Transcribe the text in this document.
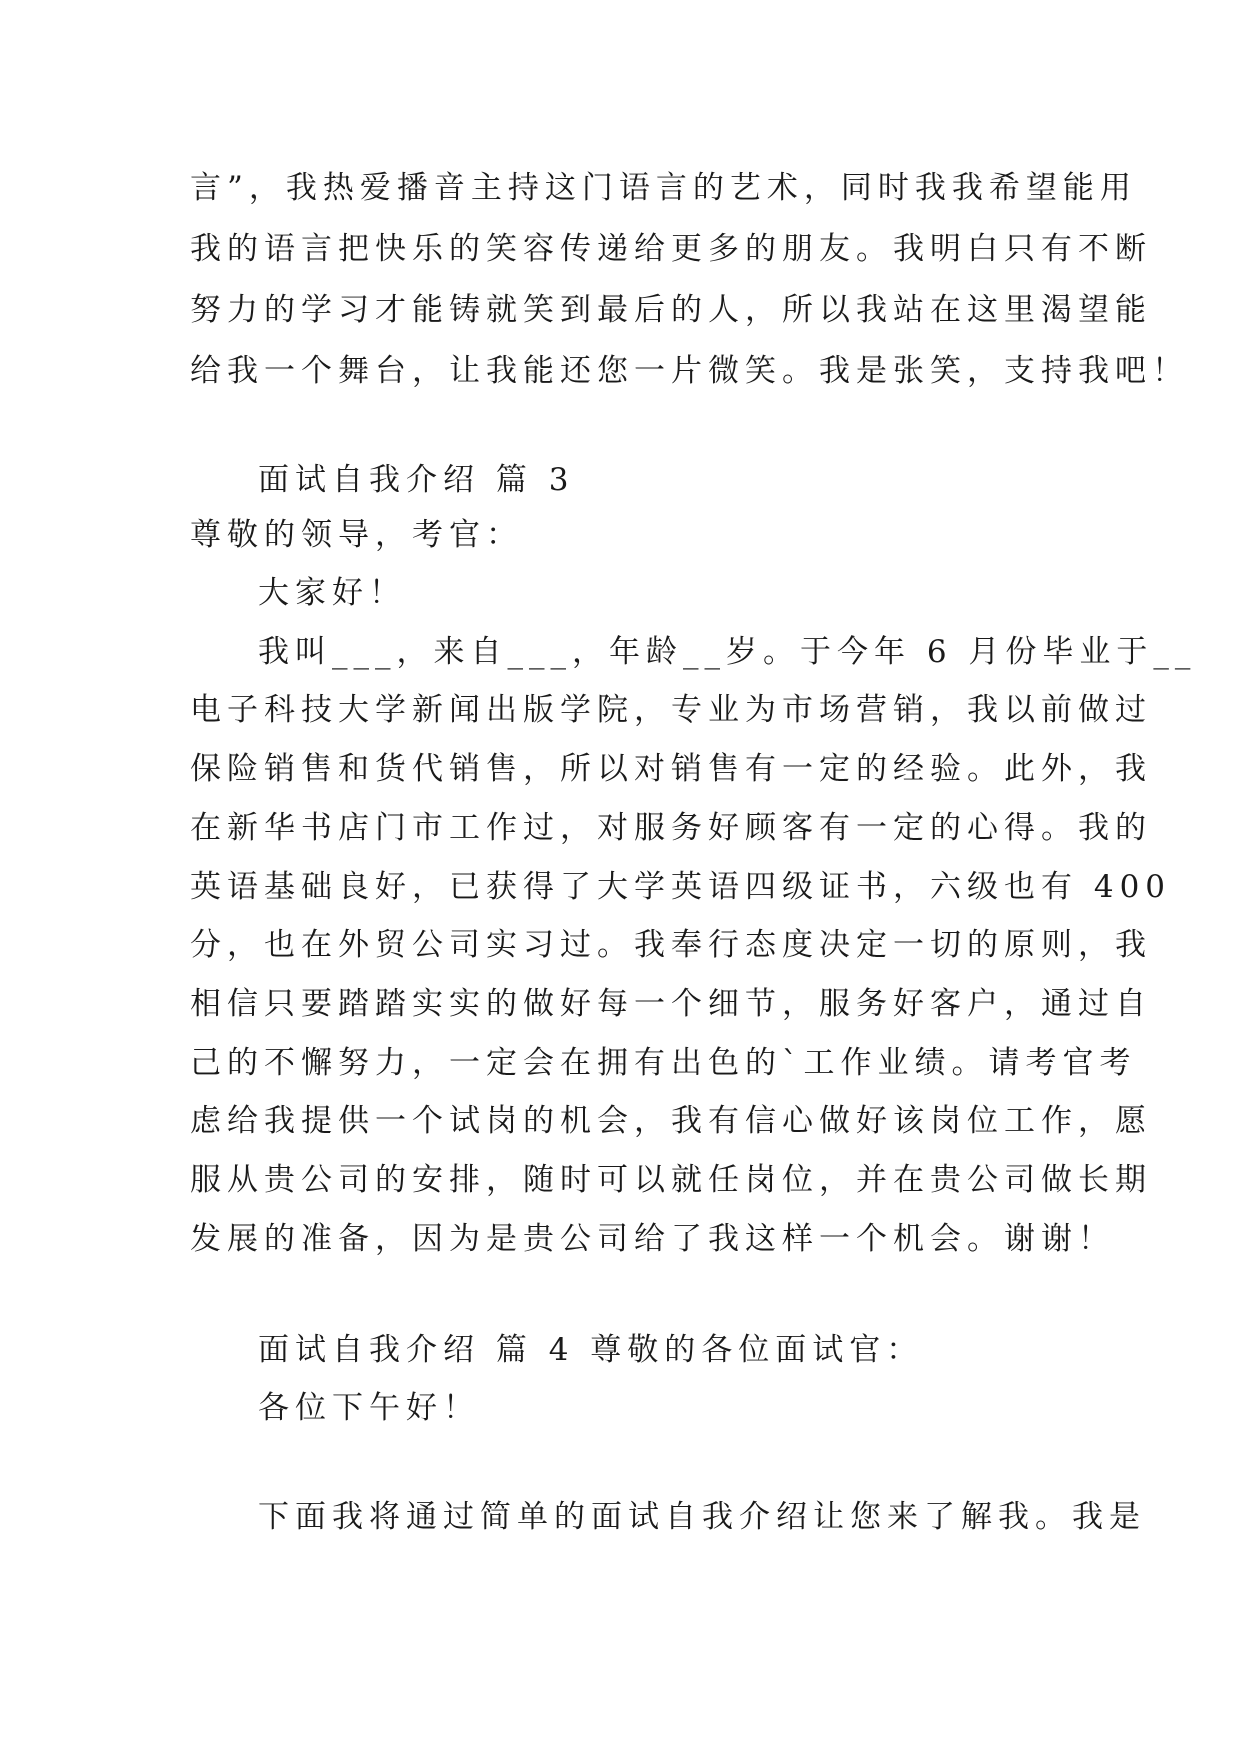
言”，我热爱播音主持这门语言的艺术，同时我我希望能用
我的语言把快乐的笑容传递给更多的朋友。我明白只有不断
努力的学习才能铸就笑到最后的人，所以我站在这里渴望能
给我一个舞台，让我能还您一片微笑。我是张笑，支持我吧！
面试自我介绍 篇 3
尊敬的领导，考官：
大家好！
我叫___，来自___，年龄__岁。于今年 6 月份毕业于__
电子科技大学新闻出版学院，专业为市场营销，我以前做过
保险销售和货代销售，所以对销售有一定的经验。此外，我
在新华书店门市工作过，对服务好顾客有一定的心得。我的
英语基础良好，已获得了大学英语四级证书，六级也有 400
分，也在外贸公司实习过。我奉行态度决定一切的原则，我
相信只要踏踏实实的做好每一个细节，服务好客户，通过自
己的不懈努力，一定会在拥有出色的`工作业绩。请考官考
虑给我提供一个试岗的机会，我有信心做好该岗位工作，愿
服从贵公司的安排，随时可以就任岗位，并在贵公司做长期
发展的准备，因为是贵公司给了我这样一个机会。谢谢！
面试自我介绍 篇 4 尊敬的各位面试官：
各位下午好！
下面我将通过简单的面试自我介绍让您来了解我。我是
